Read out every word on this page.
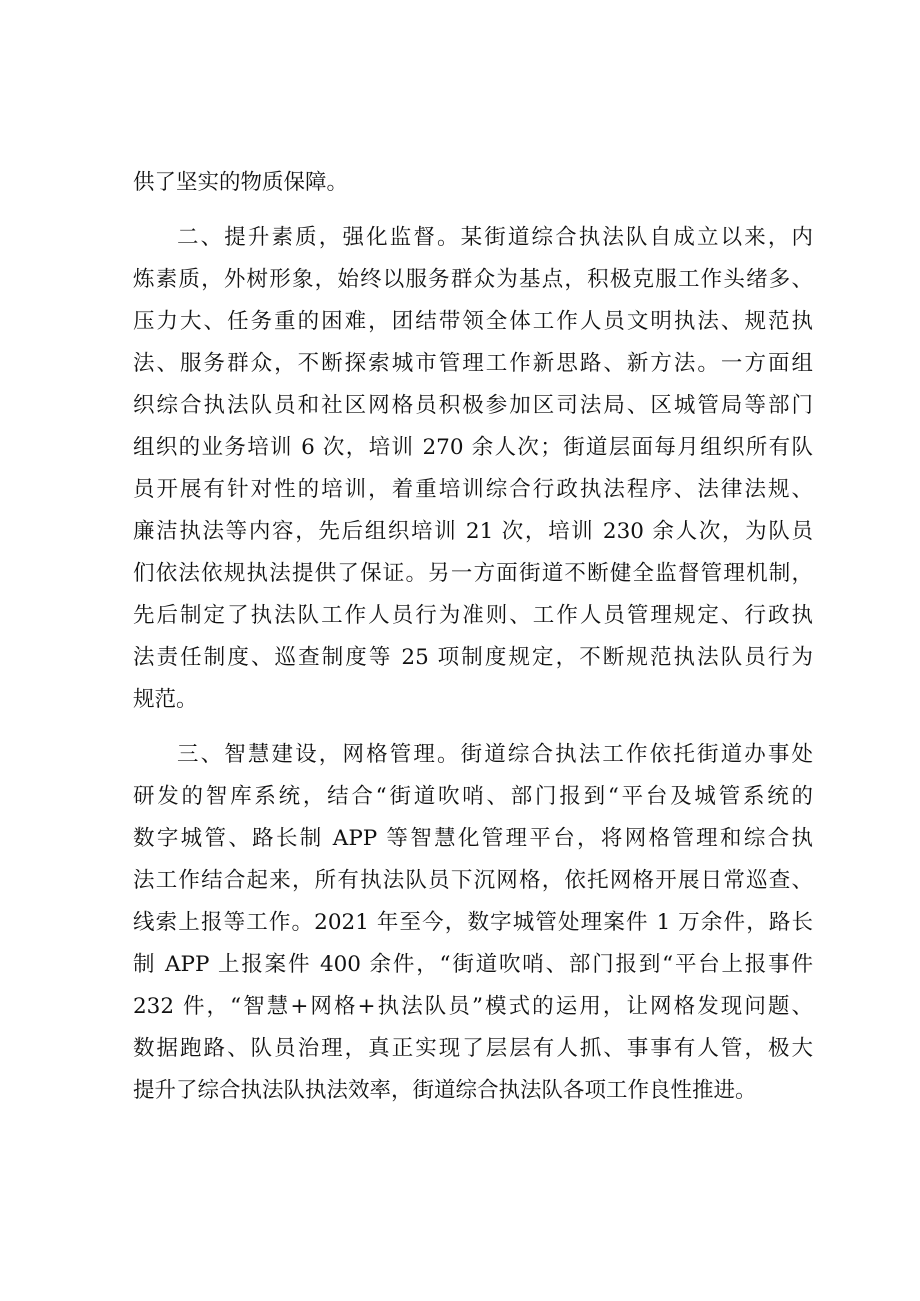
供了坚实的物质保障。
二、提升素质，强化监督。某街道综合执法队自成立以来，内
炼素质，外树形象，始终以服务群众为基点，积极克服工作头绪多、
压力大、任务重的困难，团结带领全体工作人员文明执法、规范执
法、服务群众，不断探索城市管理工作新思路、新方法。一方面组
织综合执法队员和社区网格员积极参加区司法局、区城管局等部门
组织的业务培训 6 次，培训 270 余人次；街道层面每月组织所有队
员开展有针对性的培训，着重培训综合行政执法程序、法律法规、
廉洁执法等内容，先后组织培训 21 次，培训 230 余人次，为队员
们依法依规执法提供了保证。另一方面街道不断健全监督管理机制，
先后制定了执法队工作人员行为准则、工作人员管理规定、行政执
法责任制度、巡查制度等 25 项制度规定，不断规范执法队员行为
规范。
三、智慧建设，网格管理。街道综合执法工作依托街道办事处
研发的智库系统，结合“街道吹哨、部门报到“平台及城管系统的
数字城管、路长制 APP 等智慧化管理平台，将网格管理和综合执
法工作结合起来，所有执法队员下沉网格，依托网格开展日常巡查、
线索上报等工作。2021 年至今，数字城管处理案件 1 万余件，路长
制 APP 上报案件 400 余件，“街道吹哨、部门报到“平台上报事件
232 件，“智慧+网格+执法队员”模式的运用，让网格发现问题、
数据跑路、队员治理，真正实现了层层有人抓、事事有人管，极大
提升了综合执法队执法效率，街道综合执法队各项工作良性推进。
